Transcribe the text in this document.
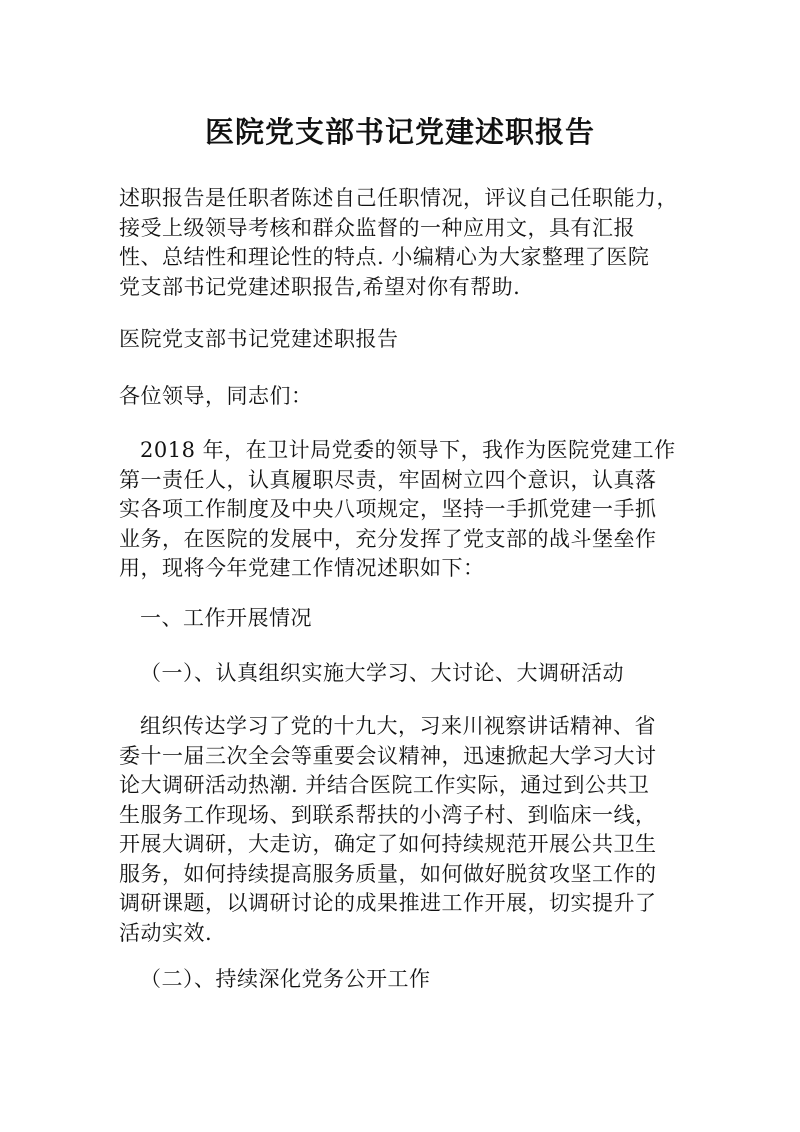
医院党支部书记党建述职报告
述职报告是任职者陈述自己任职情况，评议自己任职能力，
接受上级领导考核和群众监督的一种应用文，具有汇报
性、总结性和理论性的特点. 小编精心为大家整理了医院
党支部书记党建述职报告,希望对你有帮助.
医院党支部书记党建述职报告
各位领导，同志们：
2018 年，在卫计局党委的领导下，我作为医院党建工作
第一责任人，认真履职尽责，牢固树立四个意识，认真落
实各项工作制度及中央八项规定，坚持一手抓党建一手抓
业务，在医院的发展中，充分发挥了党支部的战斗堡垒作
用，现将今年党建工作情况述职如下：
一、工作开展情况
（一）、认真组织实施大学习、大讨论、大调研活动
组织传达学习了党的十九大，习来川视察讲话精神、省
委十一届三次全会等重要会议精神，迅速掀起大学习大讨
论大调研活动热潮. 并结合医院工作实际，通过到公共卫
生服务工作现场、到联系帮扶的小湾子村、到临床一线，
开展大调研，大走访，确定了如何持续规范开展公共卫生
服务，如何持续提高服务质量，如何做好脱贫攻坚工作的
调研课题，以调研讨论的成果推进工作开展，切实提升了
活动实效.
（二）、持续深化党务公开工作
